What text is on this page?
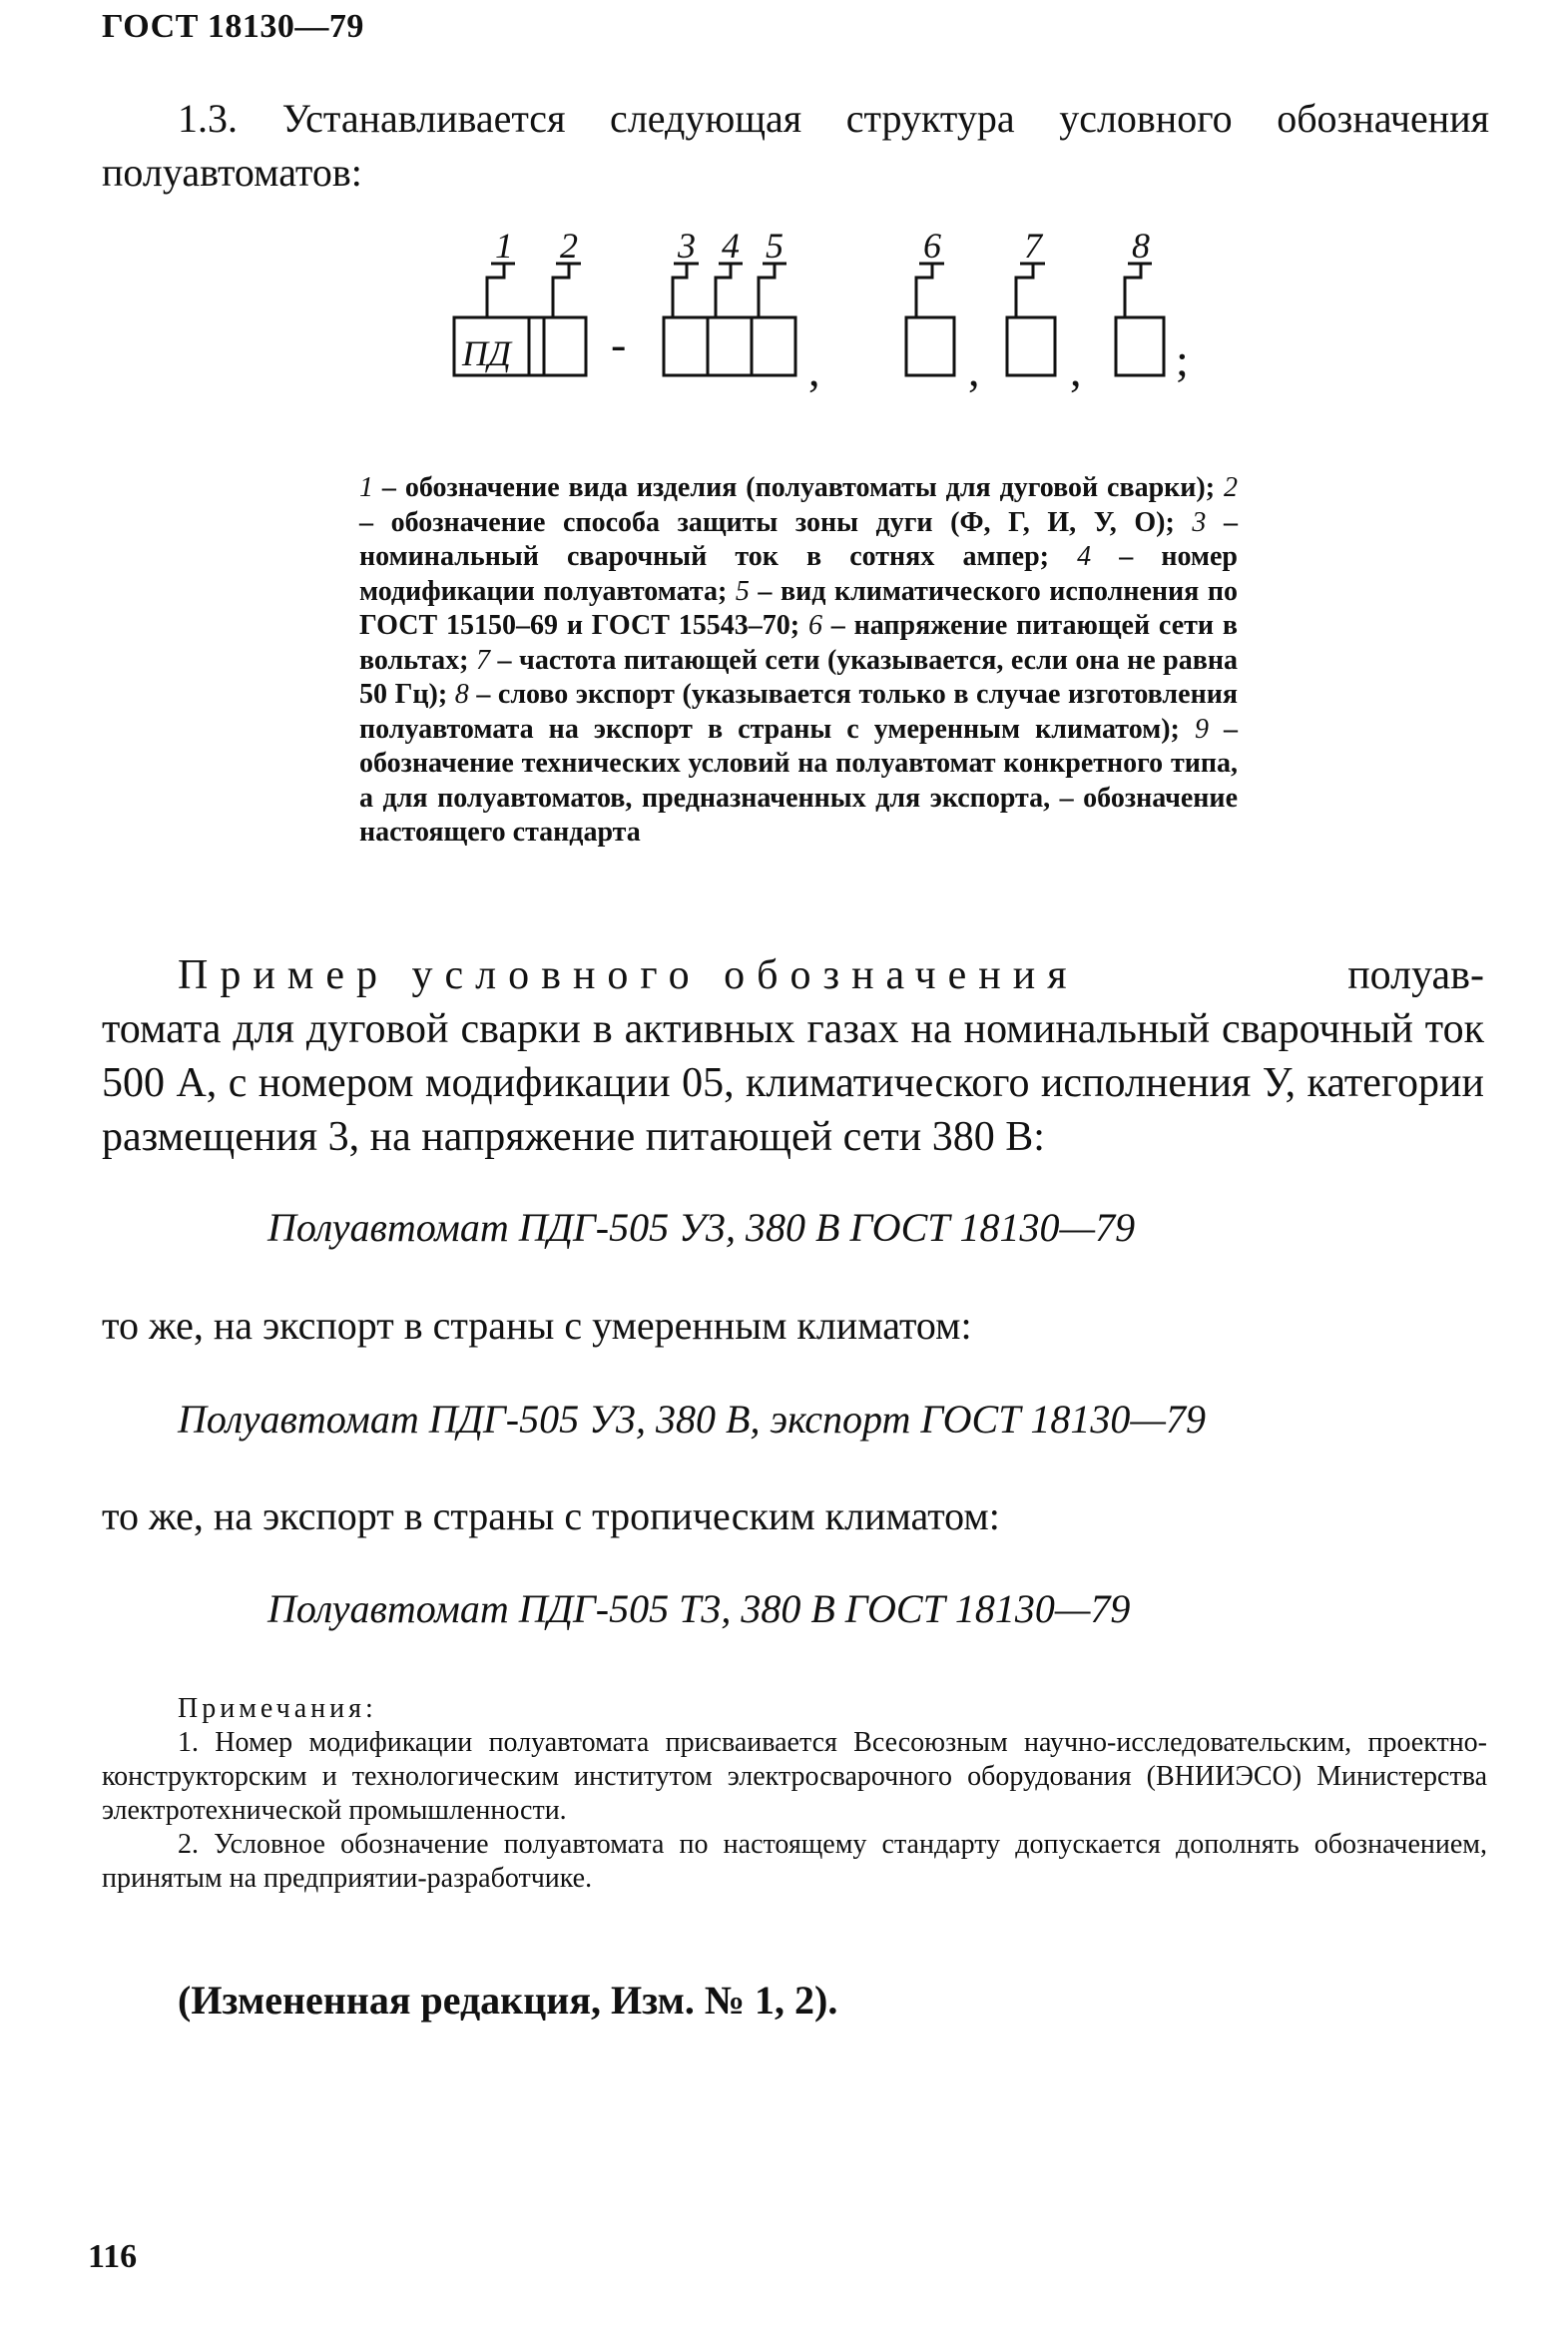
ГОСТ 18130—79
1.3. Устанавливается следующая структура условного обозначения полуавтоматов:
1 2	3 4 5	6 7	8
ПД -
,	, , ;
1 – обозначение вида изделия (полуавтоматы для дуговой сварки); 2 – обозначение способа защиты зоны дуги (Ф, Г, И, У, О); 3 – номинальный сварочный ток в сотнях ампер; 4 – номер модификации полуавтомата; 5 – вид климатического исполнения по ГОСТ 15150–69 и ГОСТ 15543–70; 6 – напряжение питающей сети в вольтах; 7 – частота питающей сети (указывается, если она не равна 50 Гц); 8 – слово экспорт (указывается только в случае изготовления полуавтомата на экспорт в страны с умеренным климатом); 9 – обозначение технических условий на полуавтомат конкретного типа, а для полуавтоматов, предназначенных для экспорта, – обозначение настоящего стандарта
Пример условного обозначения	полуав-
томата для дуговой сварки в активных газах на номинальный сварочный ток 500 А, с номером модификации 05, климатического исполнения У, категории размещения 3, на напряжение питающей сети 380 В:
Полуавтомат ПДГ-505 У3, 380 В ГОСТ 18130—79
то же, на экспорт в страны с умеренным климатом:
Полуавтомат ПДГ-505 У3, 380 В, экспорт ГОСТ 18130—79
то же, на экспорт в страны с тропическим климатом:
Полуавтомат ПДГ-505 Т3, 380 В ГОСТ 18130—79
Примечания:

1. Номер модификации полуавтомата присваивается Всесоюзным научно-исследовательским, проектно-конструкторским и технологическим институтом электросварочного оборудования (ВНИИЭСО) Министерства электротехнической промышленности.

2. Условное обозначение полуавтомата по настоящему стандарту допускается дополнять обозначением, принятым на предприятии-разработчике.

(Измененная редакция, Изм. № 1, 2).
116
